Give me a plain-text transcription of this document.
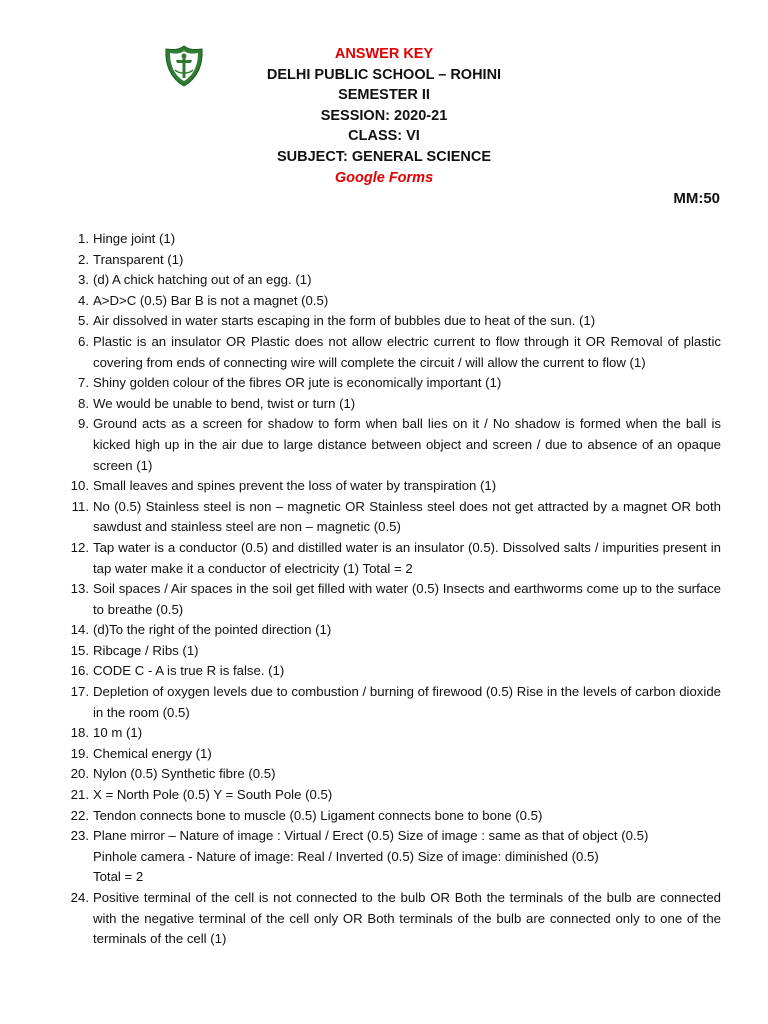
ANSWER KEY
DELHI PUBLIC SCHOOL – ROHINI
SEMESTER II
SESSION: 2020-21
CLASS: VI
SUBJECT: GENERAL SCIENCE
Google Forms
MM:50
1. Hinge joint (1)
2. Transparent (1)
3. (d) A chick hatching out of an egg. (1)
4. A>D>C (0.5) Bar B is not a magnet (0.5)
5. Air dissolved in water starts escaping in the form of bubbles due to heat of the sun. (1)
6. Plastic is an insulator OR Plastic does not allow electric current to flow through it OR Removal of plastic covering from ends of connecting wire will complete the circuit / will allow the current to flow (1)
7. Shiny golden colour of the fibres OR jute is economically important (1)
8. We would be unable to bend, twist or turn (1)
9. Ground acts as a screen for shadow to form when ball lies on it / No shadow is formed when the ball is kicked high up in the air due to large distance between object and screen / due to absence of an opaque screen (1)
10. Small leaves and spines prevent the loss of water by transpiration (1)
11. No (0.5) Stainless steel is non – magnetic OR Stainless steel does not get attracted by a magnet OR both sawdust and stainless steel are non – magnetic (0.5)
12. Tap water is a conductor (0.5) and distilled water is an insulator (0.5). Dissolved salts / impurities present in tap water make it a conductor of electricity (1) Total = 2
13. Soil spaces / Air spaces in the soil get filled with water (0.5) Insects and earthworms come up to the surface to breathe (0.5)
14. (d)To the right of the pointed direction (1)
15. Ribcage / Ribs (1)
16. CODE C - A is true R is false. (1)
17. Depletion of oxygen levels due to combustion / burning of firewood (0.5) Rise in the levels of carbon dioxide in the room (0.5)
18. 10 m (1)
19. Chemical energy (1)
20. Nylon (0.5) Synthetic fibre (0.5)
21. X = North Pole (0.5) Y = South Pole (0.5)
22. Tendon connects bone to muscle (0.5) Ligament connects bone to bone (0.5)
23. Plane mirror – Nature of image : Virtual / Erect (0.5) Size of image : same as that of object (0.5)
Pinhole camera - Nature of image: Real / Inverted (0.5) Size of image: diminished (0.5)
Total = 2
24. Positive terminal of the cell is not connected to the bulb OR Both the terminals of the bulb are connected with the negative terminal of the cell only OR Both terminals of the bulb are connected only to one of the terminals of the cell (1)
